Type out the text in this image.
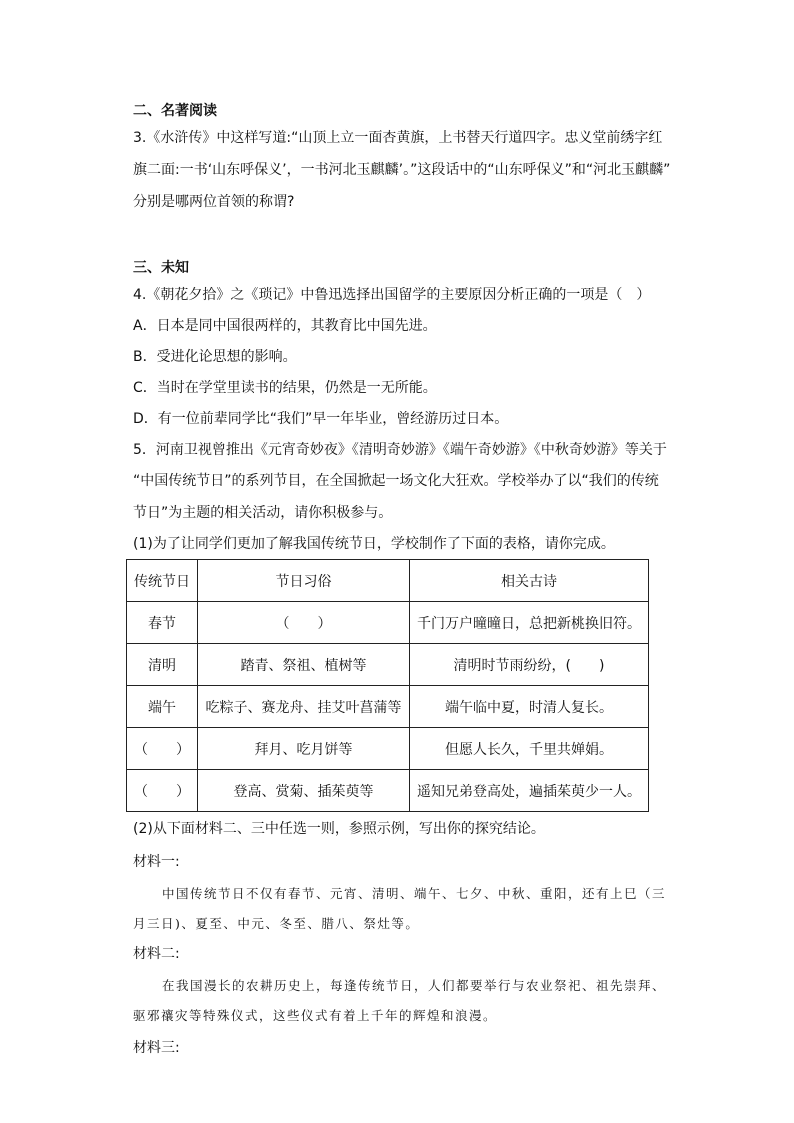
二、名著阅读
3.《水浒传》中这样写道:“山顶上立一面杏黄旗，上书替天行道四字。忠义堂前绣字红
旗二面:一书‘山东呼保义’，一书河北玉麒麟’。”这段话中的“山东呼保义”和“河北玉麒麟”
分别是哪两位首领的称谓?
三、未知
4.《朝花夕拾》之《琐记》中鲁迅选择出国留学的主要原因分析正确的一项是（　）
A．日本是同中国很两样的，其教育比中国先进。
B．受进化论思想的影响。
C．当时在学堂里读书的结果，仍然是一无所能。
D．有一位前辈同学比“我们”早一年毕业，曾经游历过日本。
5．河南卫视曾推出《元宵奇妙夜》《清明奇妙游》《端午奇妙游》《中秋奇妙游》等关于
“中国传统节日”的系列节目，在全国掀起一场文化大狂欢。学校举办了以“我们的传统
节日”为主题的相关活动，请你积极参与。
(1)为了让同学们更加了解我国传统节日，学校制作了下面的表格，请你完成。
传统节日	节日习俗	相关古诗
春节	（　　）	千门万户曈曈日，总把新桃换旧符。
清明	踏青、祭祖、植树等	清明时节雨纷纷，(　　)
端午	吃粽子、赛龙舟、挂艾叶菖蒲等	端午临中夏，时清人复长。
（　　）	拜月、吃月饼等	但愿人长久，千里共婵娟。
（　　）	登高、赏菊、插茱萸等	遥知兄弟登高处，遍插茱萸少一人。
(2)从下面材料二、三中任选一则，参照示例，写出你的探究结论。
材料一:
中国传统节日不仅有春节、元宵、清明、端午、七夕、中秋、重阳，还有上巳（三
月三日)、夏至、中元、冬至、腊八、祭灶等。
材料二:
在我国漫长的农耕历史上，每逢传统节日，人们都要举行与农业祭祀、祖先崇拜、
驱邪禳灾等特殊仪式，这些仪式有着上千年的辉煌和浪漫。
材料三:
